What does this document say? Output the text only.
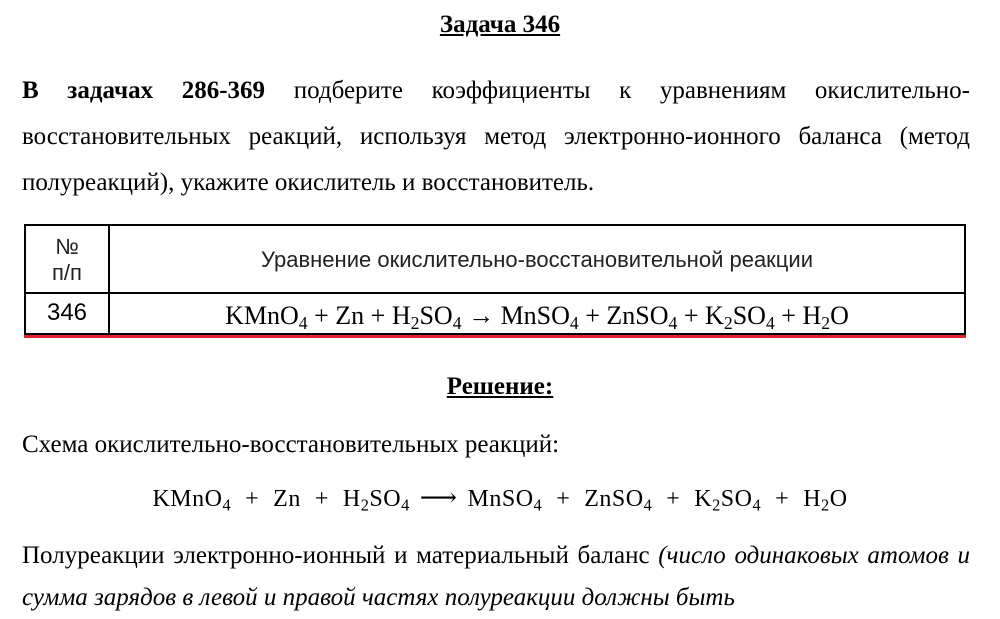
Задача 346
В задачах 286-369 подберите коэффициенты к уравнениям окислительно-восстановительных реакций, используя метод электронно-ионного баланса (метод полуреакций), укажите окислитель и восстановитель.
№
п/п
Уравнение окислительно-восстановительной реакции
346	KMnO$_4$ + $Zn + H_2SO_4$ → MnSO$_4$ + ZnSO$_4$ + $K_2SO_4 + H_2O$
Решение:
Схема окислительно-восстановительных реакций:
KMnO$_4$ + $Zn + H_2SO_4$ ⟶ MnSO$_4$ + ZnSO$_4$ + $K_2SO_4 + H_2O$
Полуреакции электронно-ионный и материальный баланс (число одинаковых атомов и сумма зарядов в левой и правой частях полуреакции должны быть
